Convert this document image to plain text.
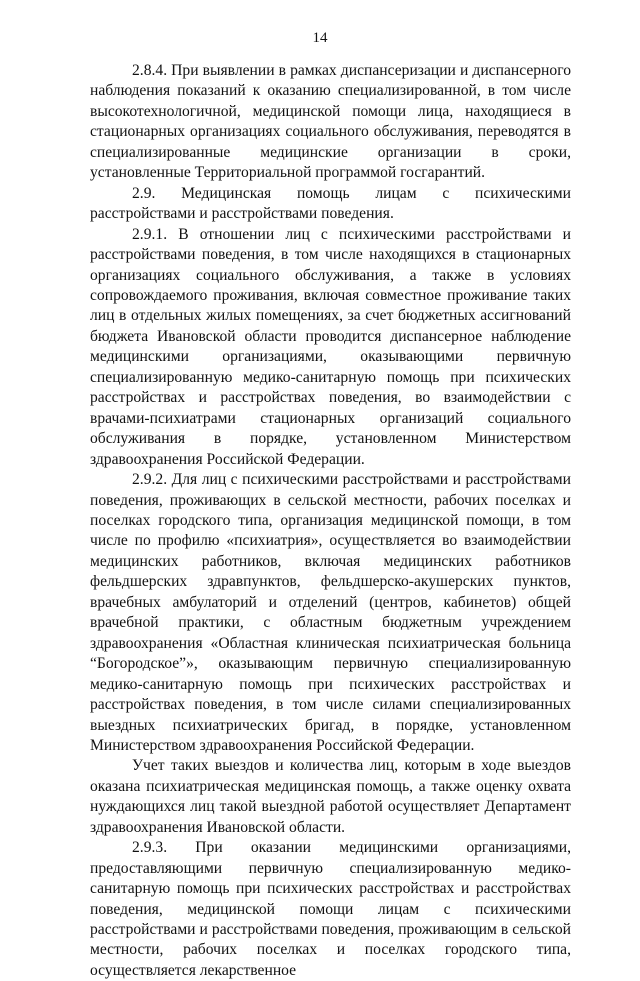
14

2.8.4. При выявлении в рамках диспансеризации и диспансерного наблюдения показаний к оказанию специализированной, в том числе высокотехнологичной, медицинской помощи лица, находящиеся в стационарных организациях социального обслуживания, переводятся в специализированные медицинские организации в сроки, установленные Территориальной программой госгарантий.

2.9. Медицинская помощь лицам с психическими расстройствами и расстройствами поведения.

2.9.1. В отношении лиц с психическими расстройствами и расстройствами поведения, в том числе находящихся в стационарных организациях социального обслуживания, а также в условиях сопровождаемого проживания, включая совместное проживание таких лиц в отдельных жилых помещениях, за счет бюджетных ассигнований бюджета Ивановской области проводится диспансерное наблюдение медицинскими организациями, оказывающими первичную специализированную медико-санитарную помощь при психических расстройствах и расстройствах поведения, во взаимодействии с врачами-психиатрами стационарных организаций социального обслуживания в порядке, установленном Министерством здравоохранения Российской Федерации.

2.9.2. Для лиц с психическими расстройствами и расстройствами поведения, проживающих в сельской местности, рабочих поселках и поселках городского типа, организация медицинской помощи, в том числе по профилю «психиатрия», осуществляется во взаимодействии медицинских работников, включая медицинских работников фельдшерских здравпунктов, фельдшерско-акушерских пунктов, врачебных амбулаторий и отделений (центров, кабинетов) общей врачебной практики, с областным бюджетным учреждением здравоохранения «Областная клиническая психиатрическая больница “Богородское”», оказывающим первичную специализированную медико-санитарную помощь при психических расстройствах и расстройствах поведения, в том числе силами специализированных выездных психиатрических бригад, в порядке, установленном Министерством здравоохранения Российской Федерации.

Учет таких выездов и количества лиц, которым в ходе выездов оказана психиатрическая медицинская помощь, а также оценку охвата нуждающихся лиц такой выездной работой осуществляет Департамент здравоохранения Ивановской области.

2.9.3. При оказании медицинскими организациями, предоставляющими первичную специализированную медико-санитарную помощь при психических расстройствах и расстройствах поведения, медицинской помощи лицам с психическими расстройствами и расстройствами поведения, проживающим в сельской местности, рабочих поселках и поселках городского типа, осуществляется лекарственное
